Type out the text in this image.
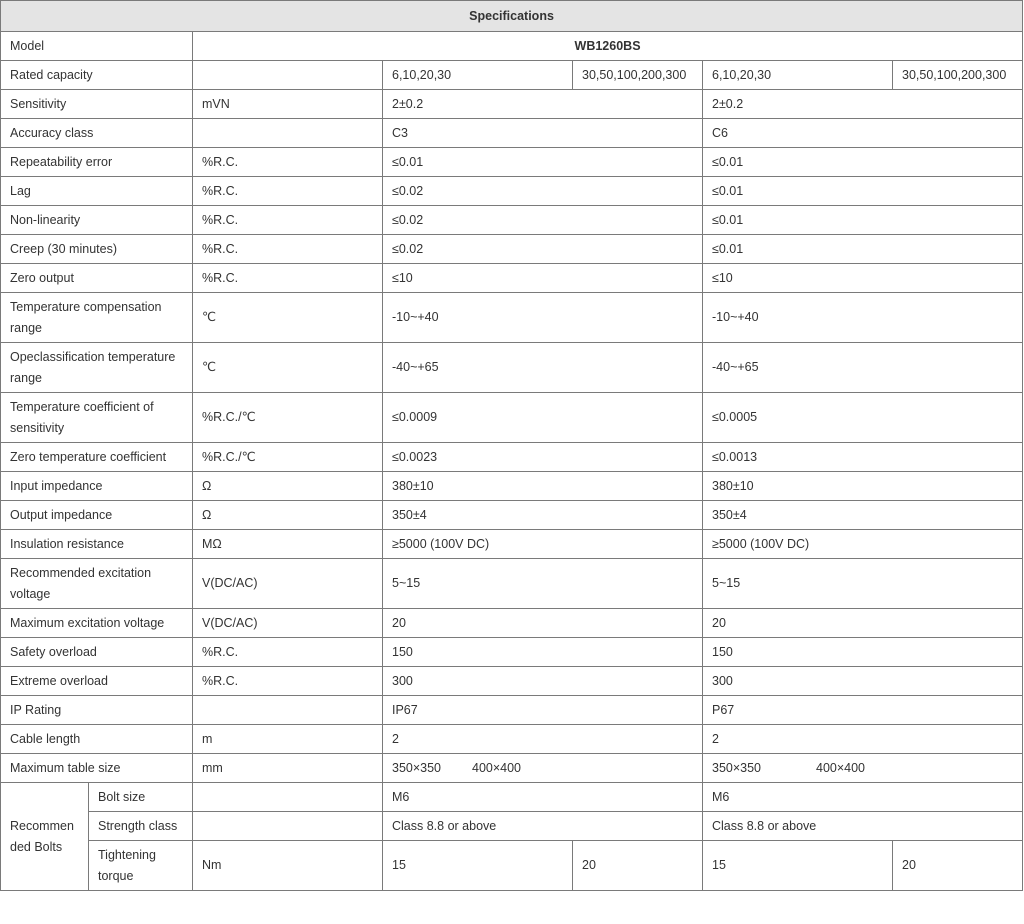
Specifications						
Model		WB1260BS				
Rated capacity			6,10,20,30	30,50,100,200,300	6,10,20,30	30,50,100,200,300
Sensitivity		mVN	2±0.2		2±0.2	
Accuracy class			C3		C6	
Repeatability error		%R.C.	≤0.01		≤0.01	
Lag		%R.C.	≤0.02		≤0.01	
Non-linearity		%R.C.	≤0.02		≤0.01	
Creep (30 minutes)		%R.C.	≤0.02		≤0.01	
Zero output		%R.C.	≤10		≤10	
Temperature compensation range		℃	-10~+40		-10~+40	
Opeclassification temperature range		℃	-40~+65		-40~+65	
Temperature coefficient of sensitivity		%R.C./℃	≤0.0009		≤0.0005	
Zero temperature coefficient		%R.C./℃	≤0.0023		≤0.0013	
Input impedance		Ω	380±10		380±10	
Output impedance		Ω	350±4		350±4	
Insulation resistance		MΩ	≥5000 (100V DC)		≥5000 (100V DC)	
Recommended excitation voltage		V(DC/AC)	5~15		5~15	
Maximum excitation voltage		V(DC/AC)	20		20	
Safety overload		%R.C.	150		150	
Extreme overload		%R.C.	300		300	
IP Rating			IP67		P67	
Cable length		m	2		2	
Maximum table size		mm	350×350 400×400		350×350 400×400	
Recommen ded Bolts	Bolt size		M6		M6	
	Strength class		Class 8.8 or above		Class 8.8 or above	
	Tightening torque	Nm	15	20	15	20
